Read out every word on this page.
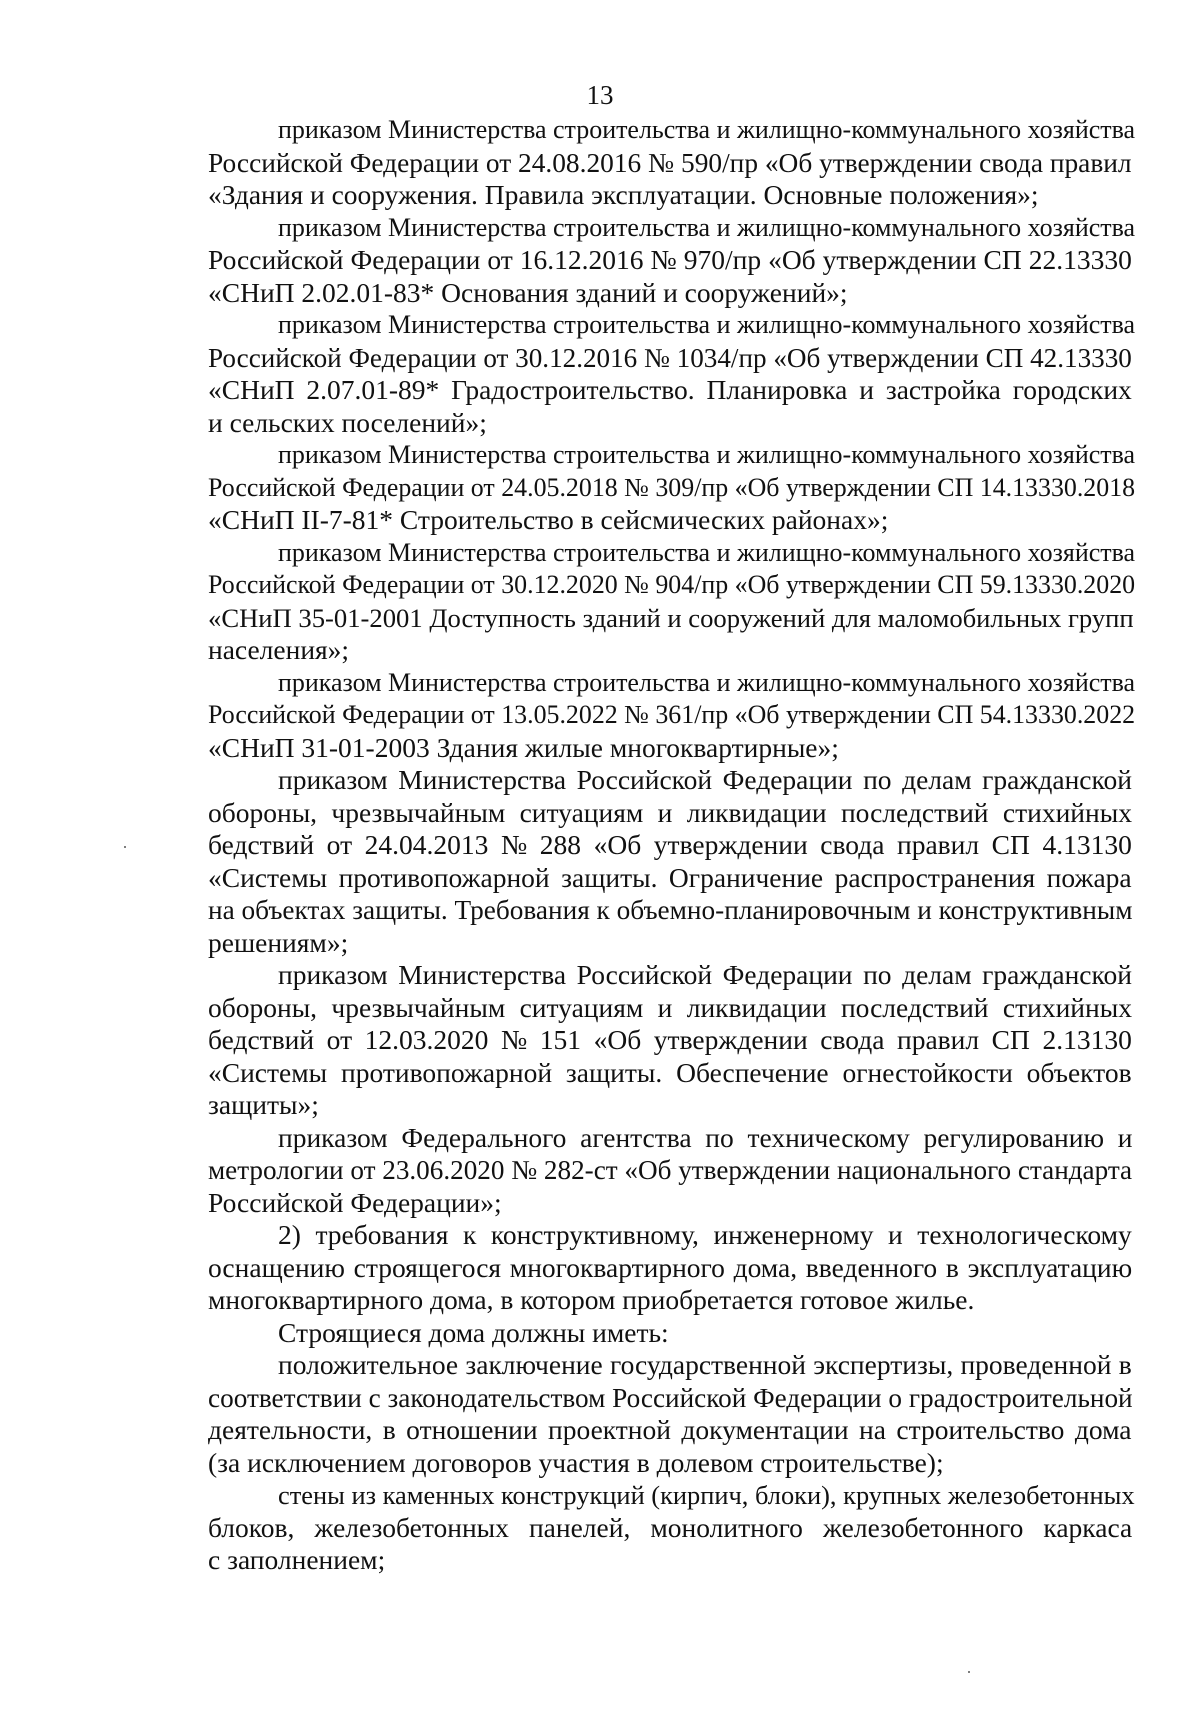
13
приказом Министерства строительства и жилищно-коммунального хозяйства
Российской Федерации от 24.08.2016 № 590/пр «Об утверждении свода правил
«Здания и сооружения. Правила эксплуатации. Основные положения»;
приказом Министерства строительства и жилищно-коммунального хозяйства
Российской Федерации от 16.12.2016 № 970/пр «Об утверждении СП 22.13330
«СНиП 2.02.01-83* Основания зданий и сооружений»;
приказом Министерства строительства и жилищно-коммунального хозяйства
Российской Федерации от 30.12.2016 № 1034/пр «Об утверждении СП 42.13330
«СНиП 2.07.01-89* Градостроительство. Планировка и застройка городских
и сельских поселений»;
приказом Министерства строительства и жилищно-коммунального хозяйства
Российской Федерации от 24.05.2018 № 309/пр «Об утверждении СП 14.13330.2018
«СНиП II-7-81* Строительство в сейсмических районах»;
приказом Министерства строительства и жилищно-коммунального хозяйства
Российской Федерации от 30.12.2020 № 904/пр «Об утверждении СП 59.13330.2020
«СНиП 35-01-2001 Доступность зданий и сооружений для маломобильных групп
населения»;
приказом Министерства строительства и жилищно-коммунального хозяйства
Российской Федерации от 13.05.2022 № 361/пр «Об утверждении СП 54.13330.2022
«СНиП 31-01-2003 Здания жилые многоквартирные»;
приказом Министерства Российской Федерации по делам гражданской
обороны, чрезвычайным ситуациям и ликвидации последствий стихийных
бедствий от 24.04.2013 № 288 «Об утверждении свода правил СП 4.13130
«Системы противопожарной защиты. Ограничение распространения пожара
на объектах защиты. Требования к объемно-планировочным и конструктивным
решениям»;
приказом Министерства Российской Федерации по делам гражданской
обороны, чрезвычайным ситуациям и ликвидации последствий стихийных
бедствий от 12.03.2020 № 151 «Об утверждении свода правил СП 2.13130
«Системы противопожарной защиты. Обеспечение огнестойкости объектов
защиты»;
приказом Федерального агентства по техническому регулированию и
метрологии от 23.06.2020 № 282-ст «Об утверждении национального стандарта
Российской Федерации»;
2) требования к конструктивному, инженерному и технологическому
оснащению строящегося многоквартирного дома, введенного в эксплуатацию
многоквартирного дома, в котором приобретается готовое жилье.
Строящиеся дома должны иметь:
положительное заключение государственной экспертизы, проведенной в
соответствии с законодательством Российской Федерации о градостроительной
деятельности, в отношении проектной документации на строительство дома
(за исключением договоров участия в долевом строительстве);
стены из каменных конструкций (кирпич, блоки), крупных железобетонных
блоков, железобетонных панелей, монолитного железобетонного каркаса
с заполнением;
